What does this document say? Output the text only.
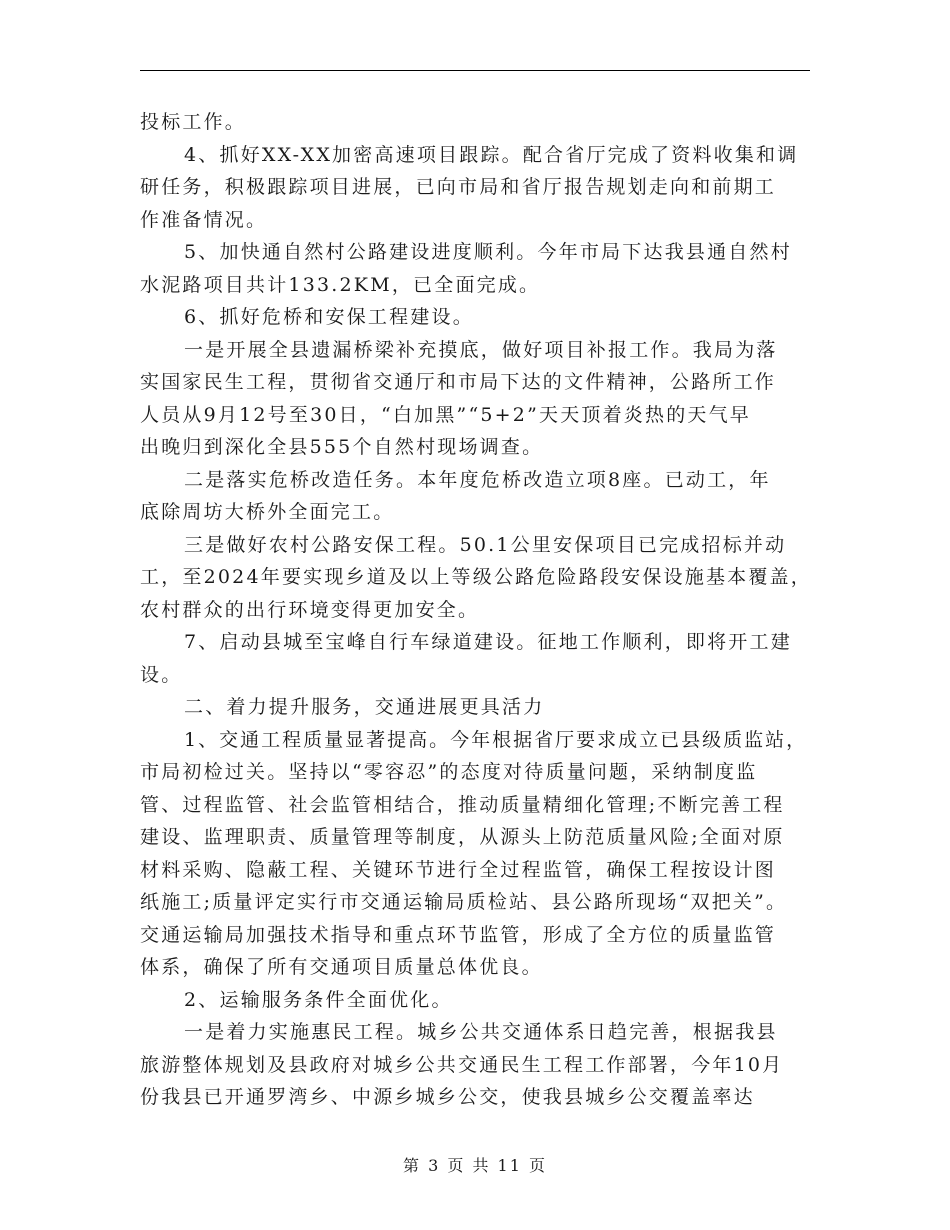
投标工作。
4、抓好XX-XX加密高速项目跟踪。配合省厅完成了资料收集和调
研任务，积极跟踪项目进展，已向市局和省厅报告规划走向和前期工
作准备情况。
5、加快通自然村公路建设进度顺利。今年市局下达我县通自然村
水泥路项目共计133.2KM，已全面完成。
6、抓好危桥和安保工程建设。
一是开展全县遗漏桥梁补充摸底，做好项目补报工作。我局为落
实国家民生工程，贯彻省交通厅和市局下达的文件精神，公路所工作
人员从9月12号至30日，“白加黑”“5+2”天天顶着炎热的天气早
出晚归到深化全县555个自然村现场调查。
二是落实危桥改造任务。本年度危桥改造立项8座。已动工，年
底除周坊大桥外全面完工。
三是做好农村公路安保工程。50.1公里安保项目已完成招标并动
工，至2024年要实现乡道及以上等级公路危险路段安保设施基本覆盖，
农村群众的出行环境变得更加安全。
7、启动县城至宝峰自行车绿道建设。征地工作顺利，即将开工建
设。
二、着力提升服务，交通进展更具活力
1、交通工程质量显著提高。今年根据省厅要求成立已县级质监站，
市局初检过关。坚持以“零容忍”的态度对待质量问题，采纳制度监
管、过程监管、社会监管相结合，推动质量精细化管理;不断完善工程
建设、监理职责、质量管理等制度，从源头上防范质量风险;全面对原
材料采购、隐蔽工程、关键环节进行全过程监管，确保工程按设计图
纸施工;质量评定实行市交通运输局质检站、县公路所现场“双把关”。
交通运输局加强技术指导和重点环节监管，形成了全方位的质量监管
体系，确保了所有交通项目质量总体优良。
2、运输服务条件全面优化。
一是着力实施惠民工程。城乡公共交通体系日趋完善，根据我县
旅游整体规划及县政府对城乡公共交通民生工程工作部署，今年10月
份我县已开通罗湾乡、中源乡城乡公交，使我县城乡公交覆盖率达
第 3 页 共 11 页
